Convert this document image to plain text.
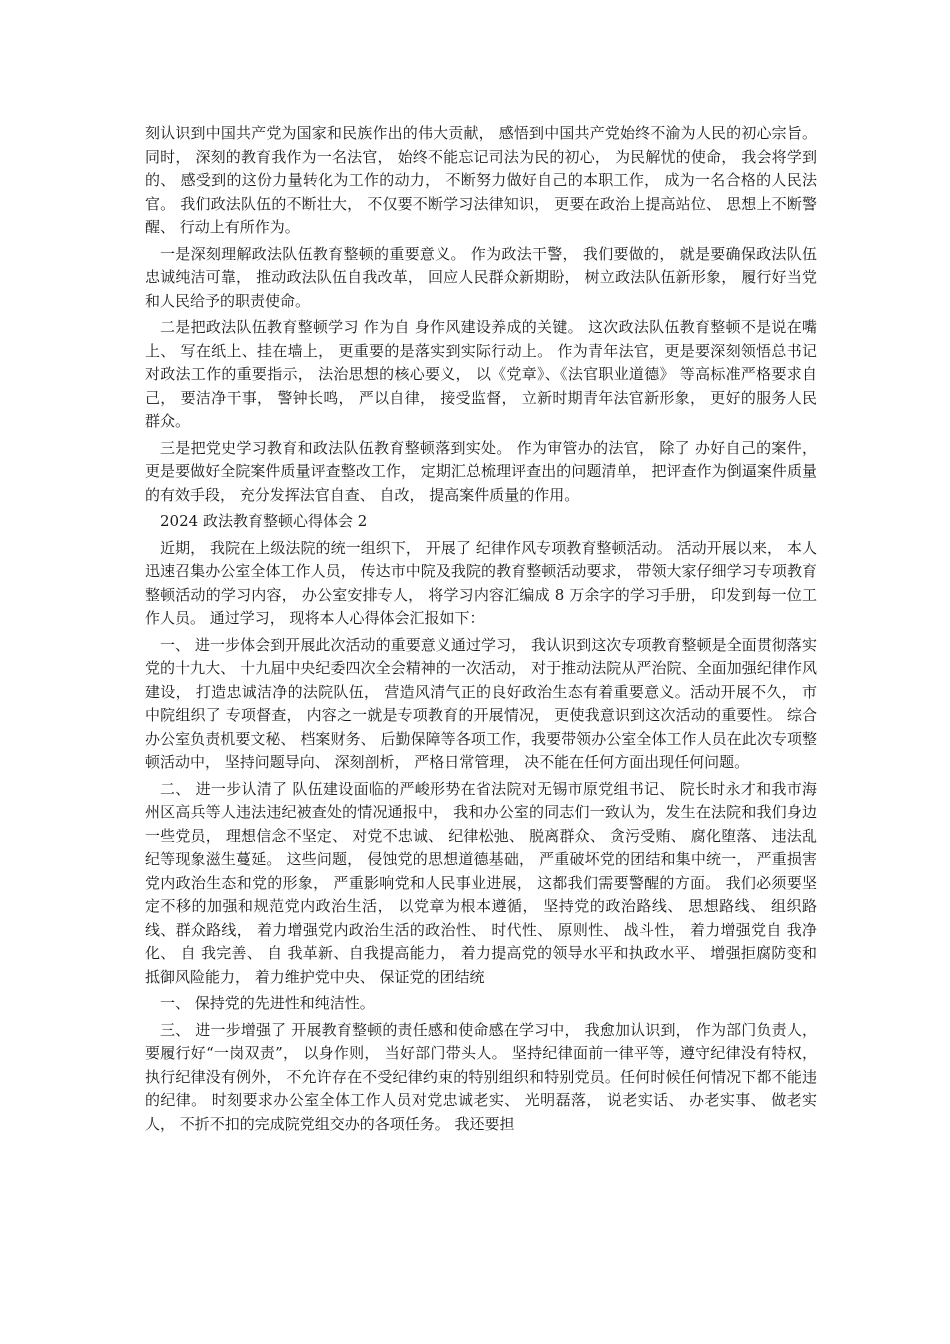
刻认识到中国共产党为国家和民族作出的伟大贡献， 感悟到中国共产党始终不渝为人民的初心宗旨。 同时， 深刻的教育我作为一名法官， 始终不能忘记司法为民的初心， 为民解忧的使命， 我会将学到的、 感受到的这份力量转化为工作的动力， 不断努力做好自己的本职工作， 成为一名合格的人民法官。 我们政法队伍的不断壮大， 不仅要不断学习法律知识， 更要在政治上提高站位、 思想上不断警醒、 行动上有所作为。

一是深刻理解政法队伍教育整顿的重要意义。 作为政法干警， 我们要做的， 就是要确保政法队伍忠诚纯洁可靠， 推动政法队伍自我改革， 回应人民群众新期盼， 树立政法队伍新形象， 履行好当党和人民给予的职责使命。

二是把政法队伍教育整顿学习 作为自 身作风建设养成的关键。 这次政法队伍教育整顿不是说在嘴上、 写在纸上、挂在墙上， 更重要的是落实到实际行动上。 作为青年法官，更是要深刻领悟总书记对政法工作的重要指示， 法治思想的核心要义， 以《党章》、《法官职业道德》 等高标准严格要求自己， 要洁净干事， 警钟长鸣， 严以自律， 接受监督， 立新时期青年法官新形象， 更好的服务人民群众。

三是把党史学习教育和政法队伍教育整顿落到实处。 作为审管办的法官， 除了 办好自己的案件， 更是要做好全院案件质量评查整改工作， 定期汇总梳理评查出的问题清单， 把评查作为倒逼案件质量的有效手段， 充分发挥法官自查、 自改， 提高案件质量的作用。

2024 政法教育整顿心得体会 2

近期， 我院在上级法院的统一组织下， 开展了 纪律作风专项教育整顿活动。 活动开展以来， 本人迅速召集办公室全体工作人员， 传达市中院及我院的教育整顿活动要求， 带领大家仔细学习专项教育整顿活动的学习内容， 办公室安排专人， 将学习内容汇编成 8 万余字的学习手册， 印发到每一位工作人员。 通过学习， 现将本人心得体会汇报如下：

一、 进一步体会到开展此次活动的重要意义通过学习， 我认识到这次专项教育整顿是全面贯彻落实党的十九大、 十九届中央纪委四次全会精神的一次活动， 对于推动法院从严治院、全面加强纪律作风建设， 打造忠诚洁净的法院队伍， 营造风清气正的良好政治生态有着重要意义。活动开展不久， 市中院组织了 专项督查， 内容之一就是专项教育的开展情况， 更使我意识到这次活动的重要性。 综合办公室负责机要文秘、 档案财务、 后勤保障等各项工作，我要带领办公室全体工作人员在此次专项整顿活动中， 坚持问题导向、 深刻剖析， 严格日常管理， 决不能在任何方面出现任何问题。

二、 进一步认清了 队伍建设面临的严峻形势在省法院对无锡市原党组书记、 院长时永才和我市海州区高兵等人违法违纪被查处的情况通报中， 我和办公室的同志们一致认为，发生在法院和我们身边一些党员， 理想信念不坚定、 对党不忠诚、 纪律松弛、 脱离群众、 贪污受贿、 腐化堕落、 违法乱纪等现象滋生蔓延。 这些问题， 侵蚀党的思想道德基础， 严重破坏党的团结和集中统一， 严重损害党内政治生态和党的形象， 严重影响党和人民事业进展， 这都我们需要警醒的方面。 我们必须要坚定不移的加强和规范党内政治生活， 以党章为根本遵循， 坚持党的政治路线、 思想路线、 组织路线、群众路线， 着力增强党内政治生活的政治性、 时代性、 原则性、 战斗性， 着力增强党自 我净化、 自 我完善、 自 我革新、自我提高能力， 着力提高党的领导水平和执政水平、 增强拒腐防变和抵御风险能力， 着力维护党中央、 保证党的团结统

一、 保持党的先进性和纯洁性。

三、 进一步增强了 开展教育整顿的责任感和使命感在学习中， 我愈加认识到， 作为部门负责人， 要履行好“一岗双责”， 以身作则， 当好部门带头人。 坚持纪律面前一律平等，遵守纪律没有特权， 执行纪律没有例外， 不允许存在不受纪律约束的特别组织和特别党员。任何时候任何情况下都不能违的纪律。 时刻要求办公室全体工作人员对党忠诚老实、 光明磊落， 说老实话、 办老实事、 做老实人， 不折不扣的完成院党组交办的各项任务。 我还要担
